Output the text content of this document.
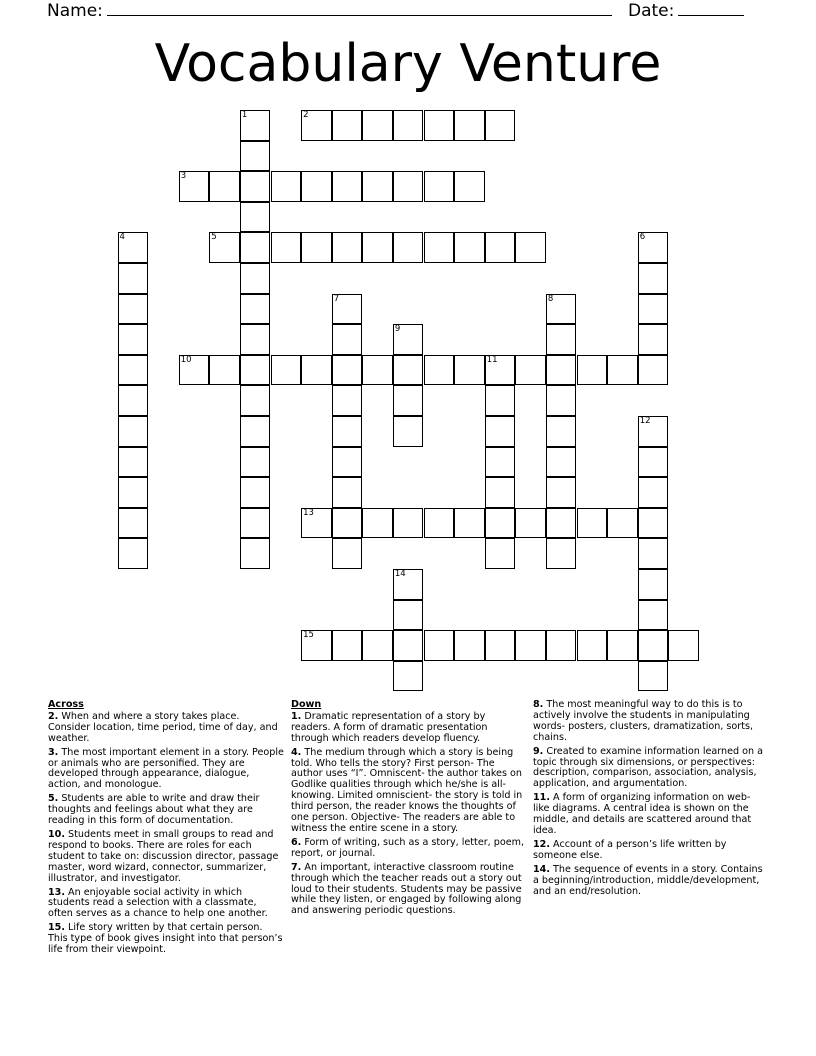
Name:	Date:
Vocabulary Venture
1	2
3
4	5	6
7	8
9
10	11
12
13
14
15
Across
2. When and where a story takes place. Consider location, time period, time of day, and weather.
3. The most important element in a story. People or animals who are personified. They are developed through appearance, dialogue, action, and monologue.
5. Students are able to write and draw their thoughts and feelings about what they are reading in this form of documentation.
10. Students meet in small groups to read and respond to books. There are roles for each student to take on: discussion director, passage master, word wizard, connector, summarizer, illustrator, and investigator.
13. An enjoyable social activity in which students read a selection with a classmate, often serves as a chance to help one another.
15. Life story written by that certain person. This type of book gives insight into that person’s life from their viewpoint.
Down
1. Dramatic representation of a story by readers. A form of dramatic presentation through which readers develop fluency.
4. The medium through which a story is being told. Who tells the story? First person- The author uses “I”. Omniscent- the author takes on Godlike qualities through which he/she is all-knowing. Limited omniscient- the story is told in third person, the reader knows the thoughts of one person. Objective- The readers are able to witness the entire scene in a story.
6. Form of writing, such as a story, letter, poem, report, or journal.
7. An important, interactive classroom routine through which the teacher reads out a story out loud to their students. Students may be passive while they listen, or engaged by following along and answering periodic questions.
8. The most meaningful way to do this is to actively involve the students in manipulating words- posters, clusters, dramatization, sorts, chains.
9. Created to examine information learned on a topic through six dimensions, or perspectives: description, comparison, association, analysis, application, and argumentation.
11. A form of organizing information on web-like diagrams. A central idea is shown on the middle, and details are scattered around that idea.
12. Account of a person’s life written by someone else.
14. The sequence of events in a story. Contains a beginning/introduction, middle/development, and an end/resolution.
